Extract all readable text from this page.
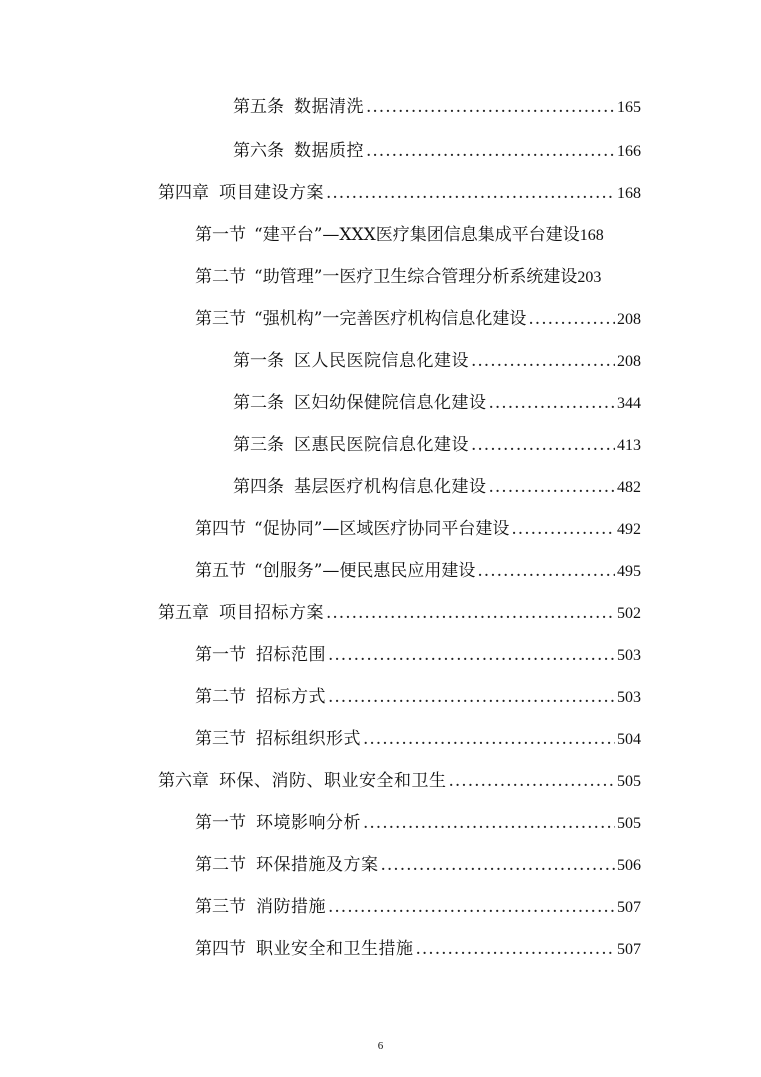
第五条 数据清洗 .....	165
第六条 数据质控 .....	166
第四章 项目建设方案 .....	168
第一节 “建平台”—XXX医疗集团信息集成平台建设 168
第二节 “助管理”一医疗卫生综合管理分析系统建设 203
第三节 “强机构”一完善医疗机构信息化建设 .....	208
第一条 区人民医院信息化建设 .....	208
第二条 区妇幼保健院信息化建设 .....	344
第三条 区惠民医院信息化建设 .....	413
第四条 基层医疗机构信息化建设 .....	482
第四节 “促协同”—区域医疗协同平台建设 .....	492
第五节 “创服务”—便民惠民应用建设 .....	495
第五章 项目招标方案 .....	502
第一节 招标范围 .....	503
第二节 招标方式 .....	503
第三节 招标组织形式 .....	504
第六章 环保、消防、职业安全和卫生 .....	505
第一节 环境影响分析 .....	505
第二节 环保措施及方案 .....	506
第三节 消防措施 .....	507
第四节 职业安全和卫生措施 .....	507
6
